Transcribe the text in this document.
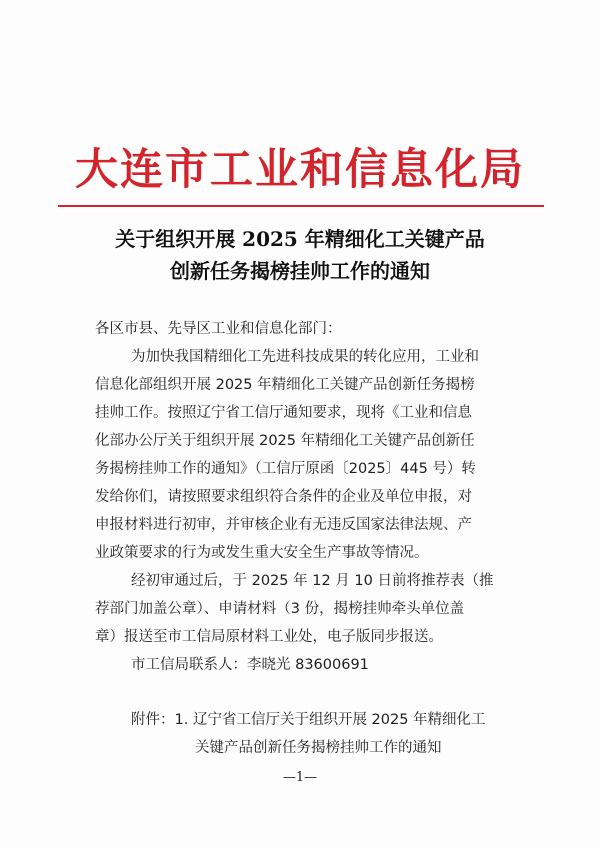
大连市工业和信息化局
关于组织开展 2025 年精细化工关键产品
创新任务揭榜挂帅工作的通知
各区市县、先导区工业和信息化部门：
为加快我国精细化工先进科技成果的转化应用，工业和
信息化部组织开展 2025 年精细化工关键产品创新任务揭榜
挂帅工作。按照辽宁省工信厅通知要求，现将《工业和信息
化部办公厅关于组织开展 2025 年精细化工关键产品创新任
务揭榜挂帅工作的通知》（工信厅原函〔2025〕445 号）转
发给你们，请按照要求组织符合条件的企业及单位申报，对
申报材料进行初审，并审核企业有无违反国家法律法规、产
业政策要求的行为或发生重大安全生产事故等情况。
经初审通过后，于 2025 年 12 月 10 日前将推荐表（推
荐部门加盖公章）、申请材料（3 份，揭榜挂帅牵头单位盖
章）报送至市工信局原材料工业处，电子版同步报送。
市工信局联系人：李晓光 83600691
附件：1. 辽宁省工信厅关于组织开展 2025 年精细化工
关键产品创新任务揭榜挂帅工作的通知
—1—
